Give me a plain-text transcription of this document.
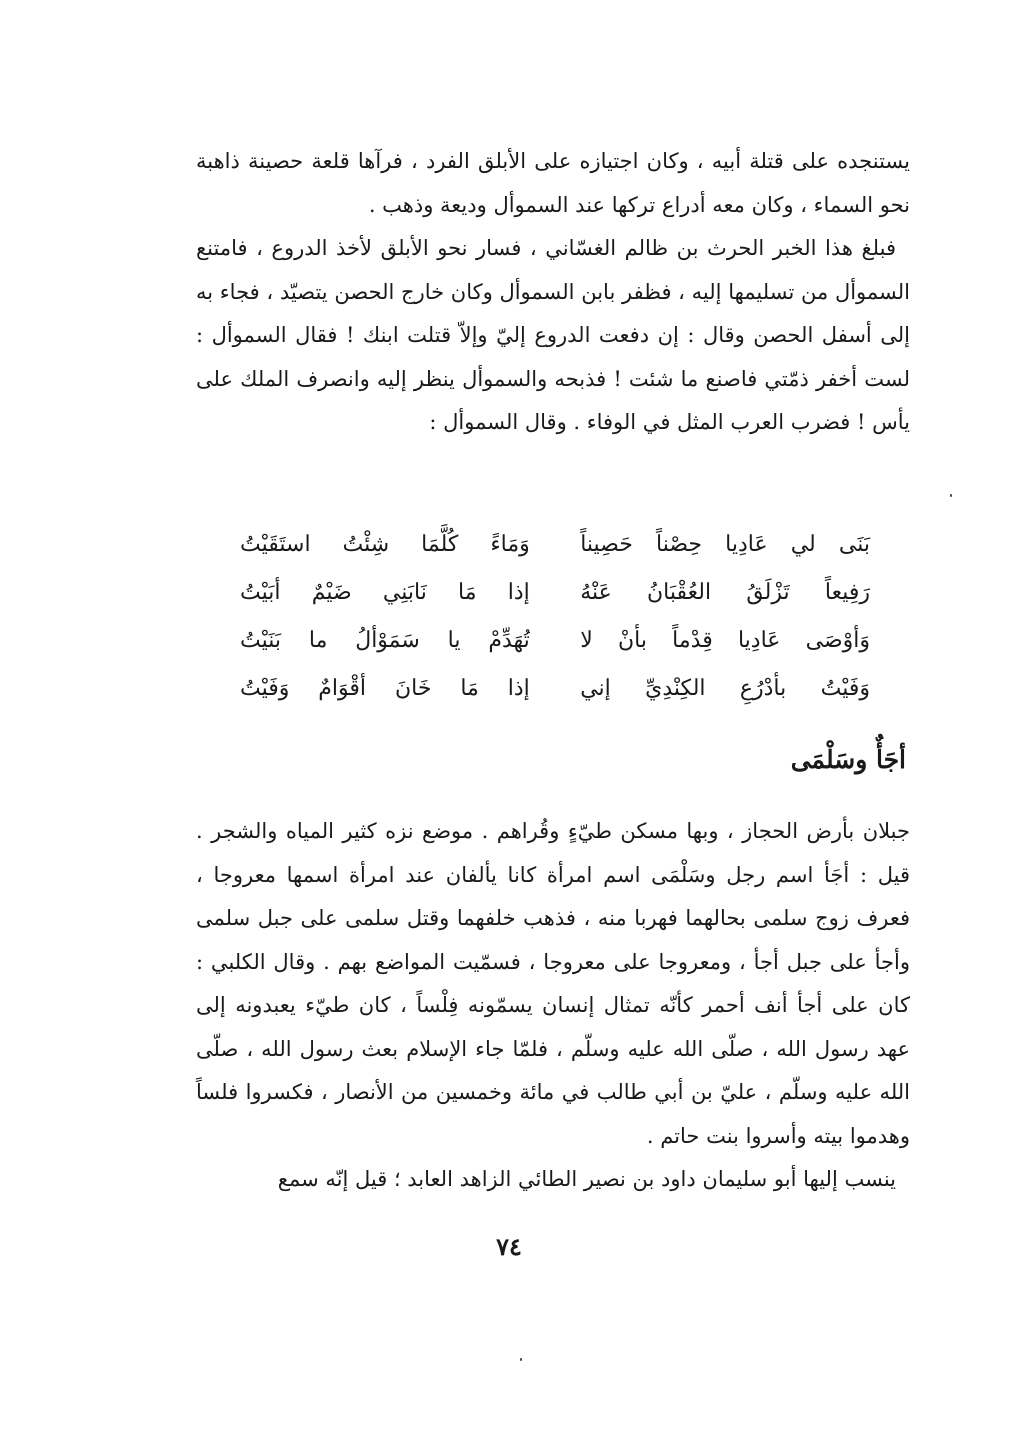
يستنجده على قتلة أبيه ، وكان اجتيازه على الأبلق الفرد ، فرآها قلعة حصينة ذاهبة نحو السماء ، وكان معه أدراع تركها عند السموأل وديعة وذهب .

فبلغ هذا الخبر الحرث بن ظالم الغسّاني ، فسار نحو الأبلق لأخذ الدروع ، فامتنع السموأل من تسليمها إليه ، فظفر بابن السموأل وكان خارج الحصن يتصيّد ، فجاء به إلى أسفل الحصن وقال : إن دفعت الدروع إليّ وإلاّ قتلت ابنك ! فقال السموأل : لست أخفر ذمّتي فاصنع ما شئت ! فذبحه والسموأل ينظر إليه وانصرف الملك على يأس ! فضرب العرب المثل في الوفاء . وقال السموأل :

بَنَى لي عَادِيا حِصْناً حَصِيناً
وَمَاءً كُلَّمَا شِئْتُ استَقَيْتُ
رَفِيعاً تَزْلَقُ العُقْبَانُ عَنْهُ
إذا مَا نَابَنِي ضَيْمٌ أبَيْتُ
وَأوْصَى عَادِيا قِدْماً بأنْ لا
تُهَدِّمْ يا سَمَوْألُ ما بَنَيْتُ
وَفَيْتُ بأدْرُعِ الكِنْدِيِّ إني
إذا مَا خَانَ أقْوَامٌ وَفَيْتُ
أجَأٌ وسَلْمَى

جبلان بأرض الحجاز ، وبها مسكن طيّءٍ وقُراهم . موضع نزه كثير المياه والشجر . قيل : أجَأ اسم رجل وسَلْمَى اسم امرأة كانا يألفان عند امرأة اسمها معروجا ، فعرف زوج سلمى بحالهما فهربا منه ، فذهب خلفهما وقتل سلمى على جبل سلمى وأجأ على جبل أجأ ، ومعروجا على معروجا ، فسمّيت المواضع بهم . وقال الكلبي : كان على أجأ أنف أحمر كأنّه تمثال إنسان يسمّونه فِلْساً ، كان طيّء يعبدونه إلى عهد رسول الله ، صلّى الله عليه وسلّم ، فلمّا جاء الإسلام بعث رسول الله ، صلّى الله عليه وسلّم ، عليّ بن أبي طالب في مائة وخمسين من الأنصار ، فكسروا فلساً وهدموا بيته وأسروا بنت حاتم .

ينسب إليها أبو سليمان داود بن نصير الطائي الزاهد العابد ؛ قيل إنّه سمع

٧٤
